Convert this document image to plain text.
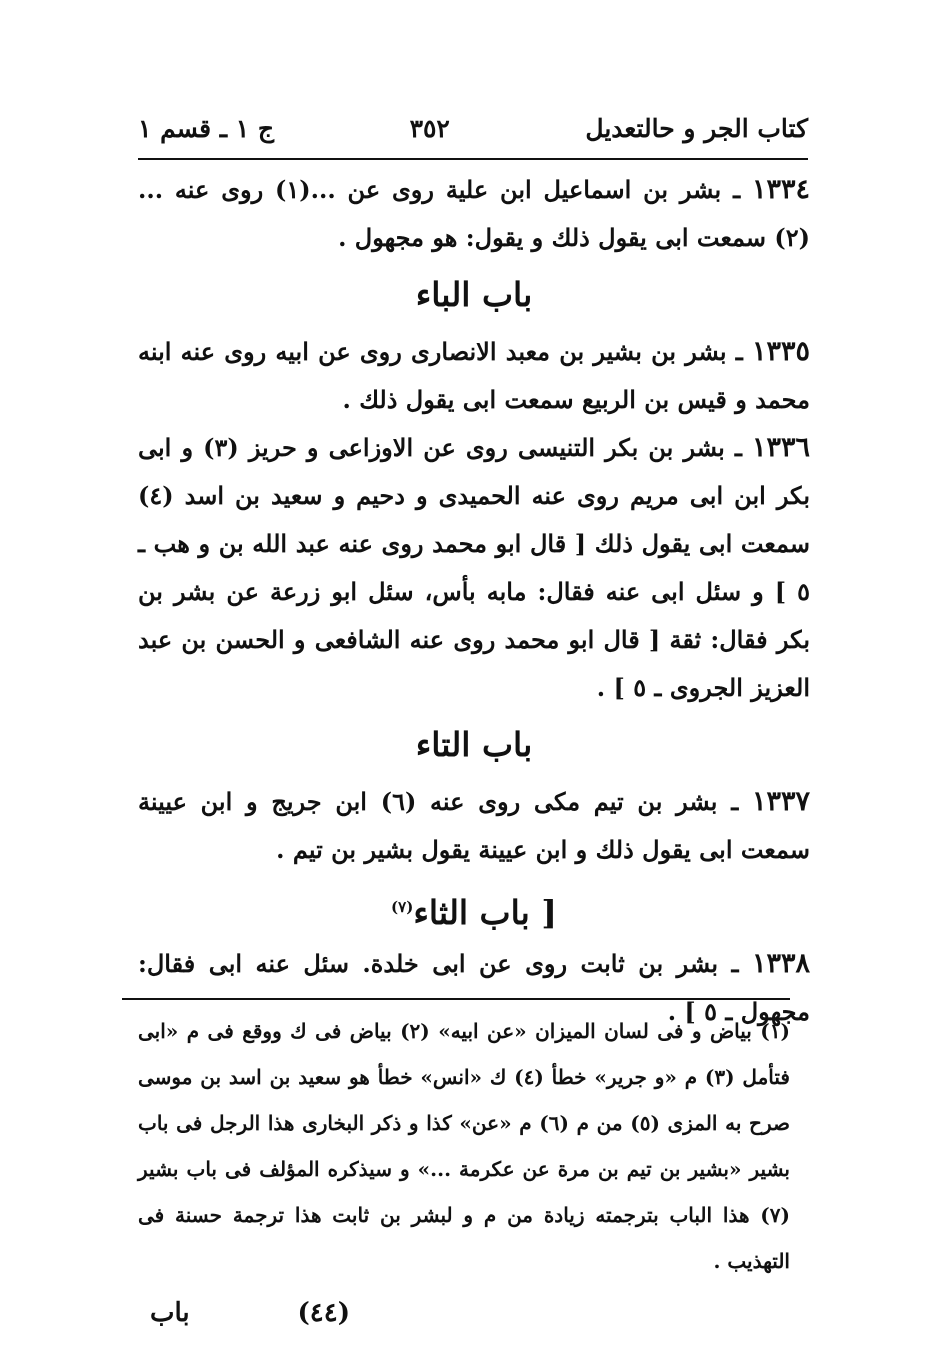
كتاب الجر و حالتعديل
٣٥٢
ج ١ ـ قسم ١

١٣٣٤ ـ بشر بن اسماعيل ابن علية روى عن ...(١) روى عنه ... (٢) سمعت ابى يقول ذلك و يقول: هو مجهول .

باب الباء

١٣٣٥ ـ بشر بن بشير بن معبد الانصارى روى عن ابيه روى عنه ابنه محمد و قيس بن الربيع سمعت ابى يقول ذلك .

١٣٣٦ ـ بشر بن بكر التنيسى روى عن الاوزاعى و حريز (٣) و ابى بكر ابن ابى مريم روى عنه الحميدى و دحيم و سعيد بن اسد (٤) سمعت ابى يقول ذلك [ قال ابو محمد روى عنه عبد الله بن و هب ـ ٥ ] و سئل ابى عنه فقال: مابه بأس، سئل ابو زرعة عن بشر بن بكر فقال: ثقة [ قال ابو محمد روى عنه الشافعى و الحسن بن عبد العزيز الجروى ـ ٥ ] .

باب التاء

١٣٣٧ ـ بشر بن تيم مكى روى عنه (٦) ابن جريج و ابن عيينة سمعت ابى يقول ذلك و ابن عيينة يقول بشير بن تيم .

[ باب الثاء$^{(٧)}$

١٣٣٨ ـ بشر بن ثابت روى عن ابى خلدة. سئل عنه ابى فقال: مجهول ـ ٥ ] .

(١) بياض و فى لسان الميزان «عن ابيه» (٢) بياض فى ك ووقع فى م «ابى فتأمل (٣) م «و جرير» خطأ (٤) ك «انس» خطأ هو سعيد بن اسد بن موسى صرح به المزى (٥) من م (٦) م «عن» كذا و ذكر البخارى هذا الرجل فى باب بشير «بشير بن تيم بن مرة عن عكرمة ...» و سيذكره المؤلف فى باب بشير (٧) هذا الباب بترجمته زيادة من م و لبشر بن ثابت هذا ترجمة حسنة فى التهذيب .
(٤٤)
باب
